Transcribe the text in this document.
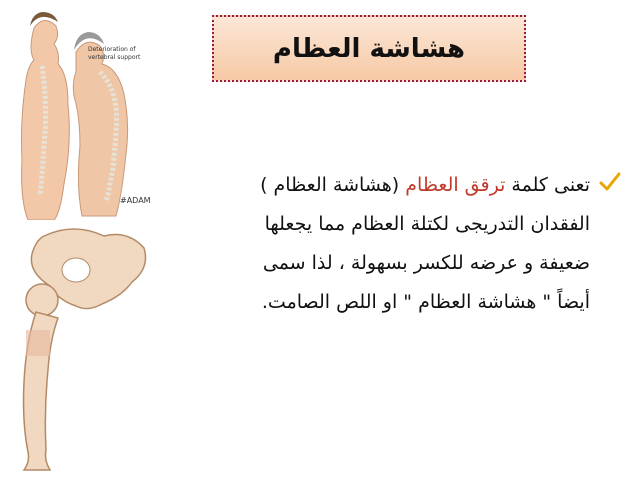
هشاشة العظام
Deterioration of vertebral support
#ADAM
تعنى كلمة ترقق العظام (هشاشة العظام )
الفقدان التدريجى لكتلة العظام مما يجعلها
ضعيفة و عرضه للكسر بسهولة ، لذا سمى
أيضاً " هشاشة العظام " او اللص الصامت.
